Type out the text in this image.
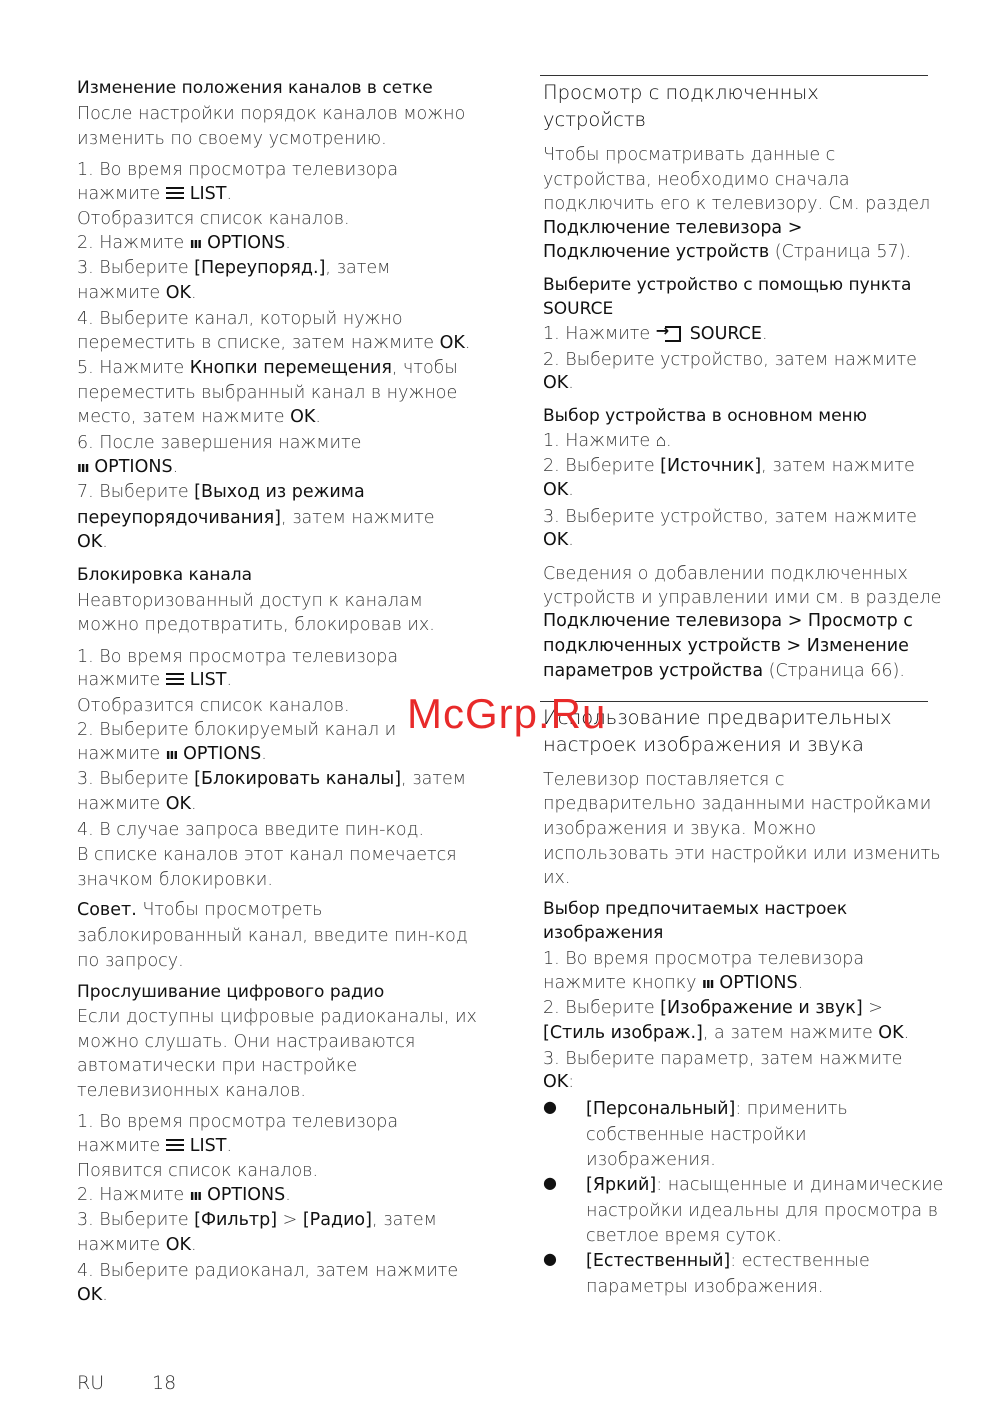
Изменение положения каналов в сетке
После настройки порядок каналов можно
изменить по своему усмотрению.
1. Во время просмотра телевизора
нажмите LIST.
Отобразится список каналов.
2. Нажмите ııı OPTIONS.
3. Выберите [Переупоряд.], затем
нажмите OK.
4. Выберите канал, который нужно
переместить в списке, затем нажмите OK.
5. Нажмите Кнопки перемещения, чтобы
переместить выбранный канал в нужное
место, затем нажмите OK.
6. После завершения нажмите
ııı OPTIONS.
7. Выберите [Выход из режима
переупорядочивания], затем нажмите
OK.
Блокировка канала
Неавторизованный доступ к каналам
можно предотвратить, блокировав их.
1. Во время просмотра телевизора
нажмите LIST.
Отобразится список каналов.
2. Выберите блокируемый канал и
нажмите ııı OPTIONS.
3. Выберите [Блокировать каналы], затем
нажмите OK.
4. В случае запроса введите пин-код.
В списке каналов этот канал помечается
значком блокировки.
Совет. Чтобы просмотреть
заблокированный канал, введите пин-код
по запросу.
Прослушивание цифрового радио
Если доступны цифровые радиоканалы, их
можно слушать. Они настраиваются
автоматически при настройке
телевизионных каналов.
1. Во время просмотра телевизора
нажмите LIST.
Появится список каналов.
2. Нажмите ııı OPTIONS.
3. Выберите [Фильтр] > [Радио], затем
нажмите OK.
4. Выберите радиоканал, затем нажмите
OK.
Просмотр с подключенных
устройств
Чтобы просматривать данные с
устройства, необходимо сначала
подключить его к телевизору. См. раздел
Подключение телевизора >
Подключение устройств (Страница 57).
Выберите устройство с помощью пункта
SOURCE
1. Нажмите →SOURCE.
2. Выберите устройство, затем нажмите
OK.
Выбор устройства в основном меню
1. Нажмите ⌂.
2. Выберите [Источник], затем нажмите
OK.
3. Выберите устройство, затем нажмите
OK.
Сведения о добавлении подключенных
устройств и управлении ими см. в разделе
Подключение телевизора > Просмотр с
подключенных устройств > Изменение
параметров устройства (Страница 66).
Использование предварительных
настроек изображения и звука
Телевизор поставляется с
предварительно заданными настройками
изображения и звука. Можно
использовать эти настройки или изменить
их.
Выбор предпочитаемых настроек
изображения
1. Во время просмотра телевизора
нажмите кнопку ııı OPTIONS.
2. Выберите [Изображение и звук] >
[Стиль изображ.], а затем нажмите OK.
3. Выберите параметр, затем нажмите
OK:
● [Персональный]: применить
собственные настройки
изображения.
● [Яркий]: насыщенные и динамические
настройки идеальны для просмотра в
светлое время суток.
● [Естественный]: естественные
параметры изображения.
McGrp.Ru
RU	18
